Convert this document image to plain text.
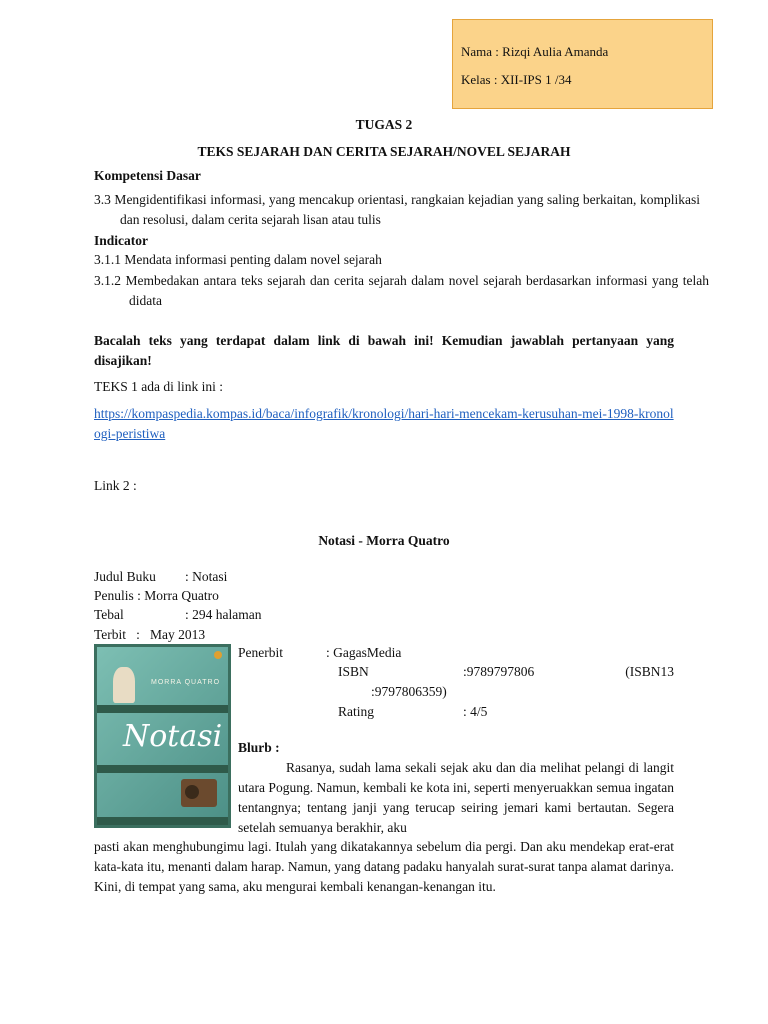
Nama : Rizqi Aulia Amanda
Kelas : XII-IPS 1 /34
TUGAS 2
TEKS SEJARAH DAN CERITA SEJARAH/NOVEL SEJARAH
Kompetensi Dasar
3.3 Mengidentifikasi informasi, yang mencakup orientasi, rangkaian kejadian yang saling berkaitan, komplikasi dan resolusi, dalam cerita sejarah lisan atau tulis
Indicator
3.1.1 Mendata informasi penting dalam novel sejarah
3.1.2 Membedakan antara teks sejarah dan cerita sejarah dalam novel sejarah berdasarkan informasi yang telah didata
Bacalah teks yang terdapat dalam link di bawah ini! Kemudian jawablah pertanyaan yang disajikan!
TEKS 1 ada di link ini :
https://kompaspedia.kompas.id/baca/infografik/kronologi/hari-hari-mencekam-kerusuhan-mei-1998-kronologi-peristiwa
Link 2 :
Notasi - Morra Quatro
Judul Buku : Notasi
Penulis : Morra Quatro
Tebal	: 294 halaman
Terbit   :   May 2013
MORRA QUATRO
Notasi
Penerbit	: GagasMedia
ISBN	:9789797806	(ISBN13
:9797806359)
Rating	: 4/5
Blurb :
Rasanya, sudah lama sekali sejak aku dan dia melihat pelangi di langit utara Pogung. Namun, kembali ke kota ini, seperti menyeruakkan semua ingatan tentangnya; tentang janji yang terucap seiring jemari kami bertautan. Segera setelah semuanya berakhir, aku
pasti akan menghubungimu lagi. Itulah yang dikatakannya sebelum dia pergi. Dan aku mendekap erat-erat kata-kata itu, menanti dalam harap. Namun, yang datang padaku hanyalah surat-surat tanpa alamat darinya. Kini, di tempat yang sama, aku mengurai kembali kenangan-kenangan itu.
